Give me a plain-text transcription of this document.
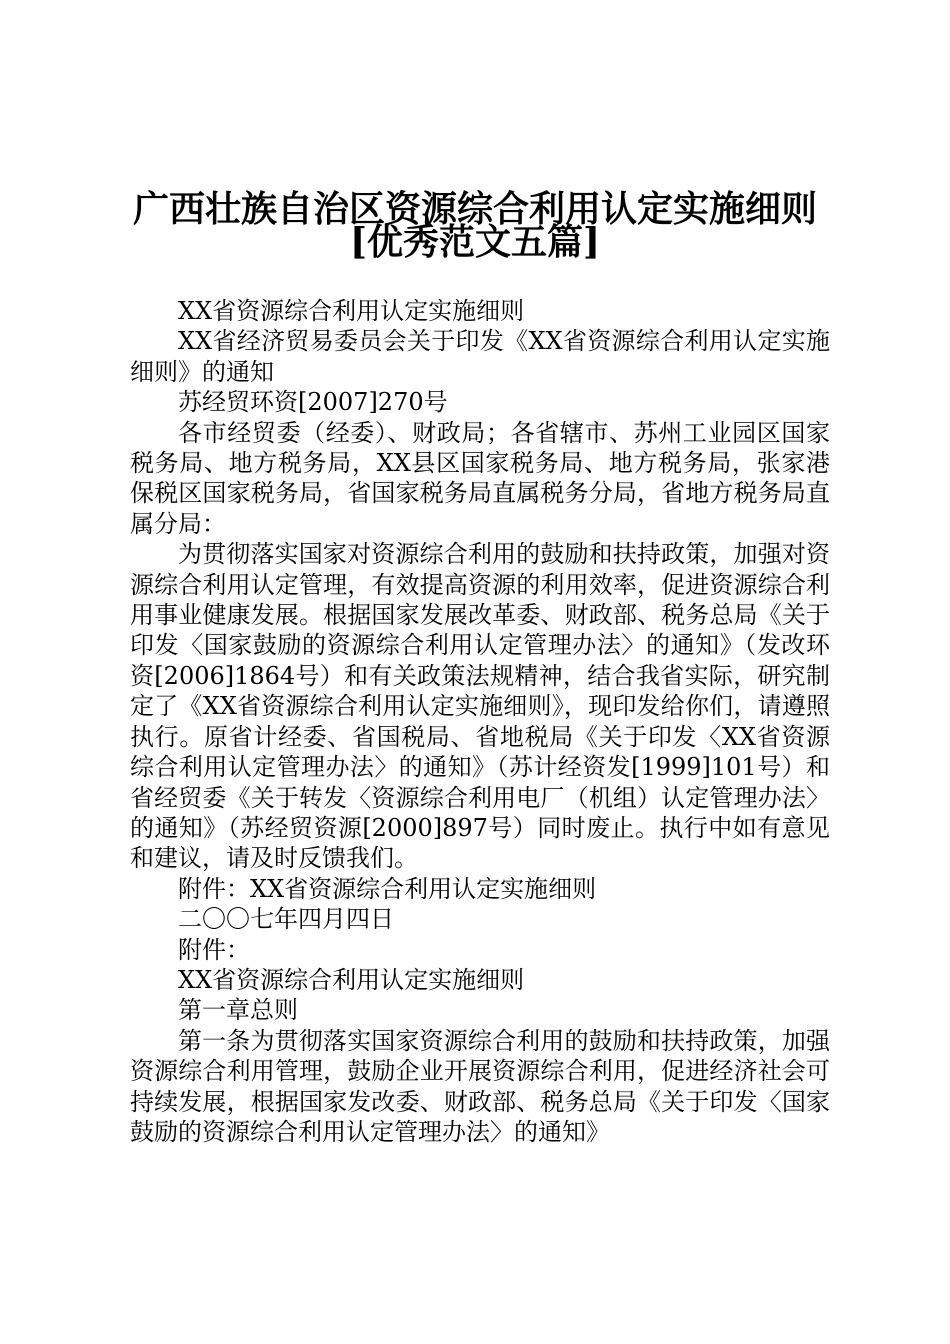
广西壮族自治区资源综合利用认定实施细则
[优秀范文五篇]

XX省资源综合利用认定实施细则

XX省经济贸易委员会关于印发《XX省资源综合利用认定实施细则》的通知

苏经贸环资[2007]270号

各市经贸委（经委）、财政局；各省辖市、苏州工业园区国家税务局、地方税务局，XX县区国家税务局、地方税务局，张家港保税区国家税务局，省国家税务局直属税务分局，省地方税务局直属分局：

为贯彻落实国家对资源综合利用的鼓励和扶持政策，加强对资源综合利用认定管理，有效提高资源的利用效率，促进资源综合利用事业健康发展。根据国家发展改革委、财政部、税务总局《关于印发〈国家鼓励的资源综合利用认定管理办法〉的通知》（发改环资[2006]1864号）和有关政策法规精神，结合我省实际，研究制定了《XX省资源综合利用认定实施细则》，现印发给你们，请遵照执行。原省计经委、省国税局、省地税局《关于印发〈XX省资源综合利用认定管理办法〉的通知》（苏计经资发[1999]101号）和省经贸委《关于转发〈资源综合利用电厂（机组）认定管理办法〉的通知》（苏经贸资源[2000]897号）同时废止。执行中如有意见和建议，请及时反馈我们。

附件：XX省资源综合利用认定实施细则

二〇〇七年四月四日

附件：

XX省资源综合利用认定实施细则

第一章总则

第一条为贯彻落实国家资源综合利用的鼓励和扶持政策，加强资源综合利用管理，鼓励企业开展资源综合利用，促进经济社会可持续发展，根据国家发改委、财政部、税务总局《关于印发〈国家鼓励的资源综合利用认定管理办法〉的通知》
